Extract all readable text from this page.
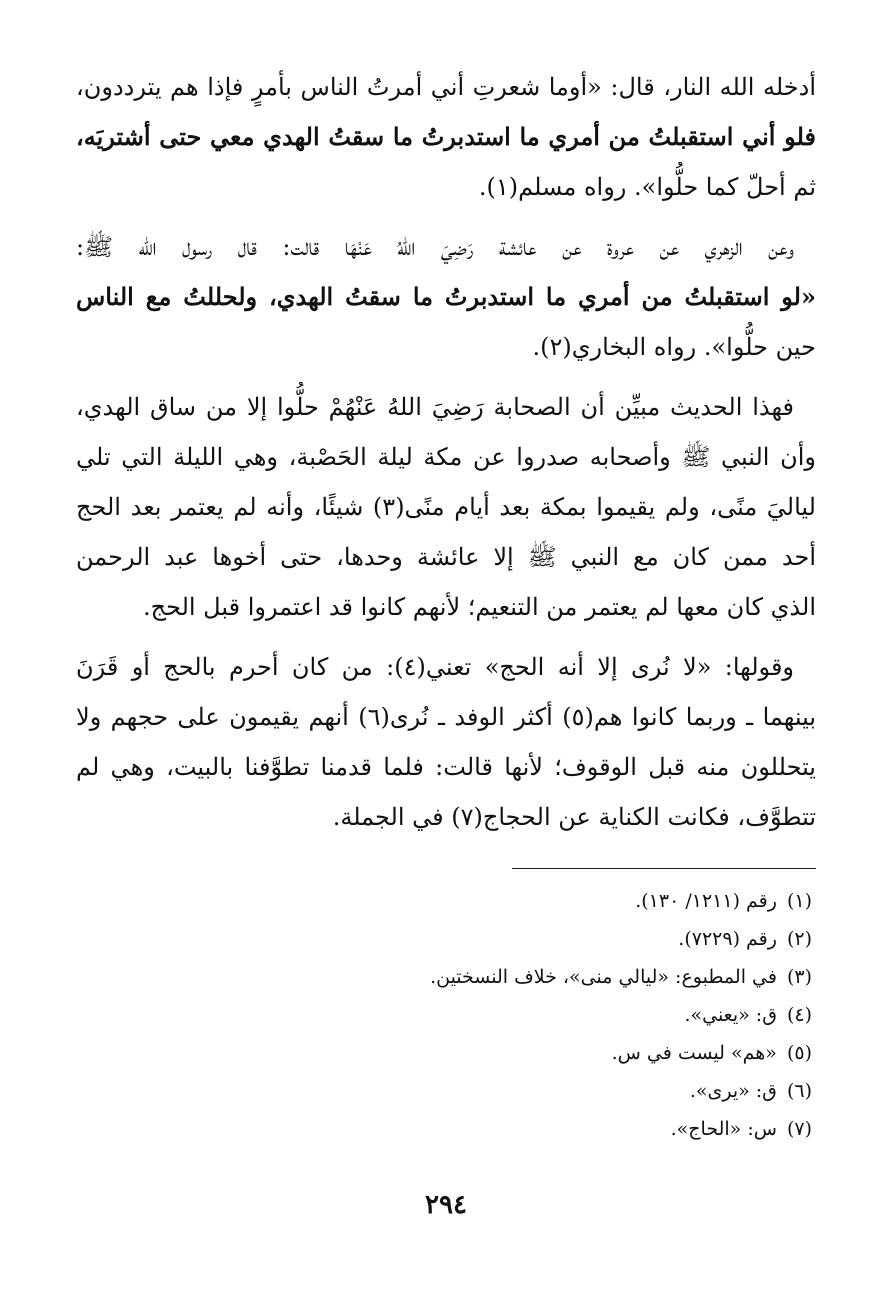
أدخله الله النار، قال: «أوما شعرتِ أني أمرتُ الناس بأمرٍ فإذا هم يترددون،
فلو أني استقبلتُ من أمري ما استدبرتُ ما سقتُ الهدي معي حتى أشتريَه،
ثم أحلّ كما حلُّوا». رواه مسلم(١).

وعن الزهري عن عروة عن عائشة رَضِيَ اللهُ عَنْهَا قالت: قال رسول الله ﷺ:
«لو استقبلتُ من أمري ما استدبرتُ ما سقتُ الهدي، ولحللتُ مع الناس
حين حلُّوا». رواه البخاري(٢).

فهذا الحديث مبيِّن أن الصحابة رَضِيَ اللهُ عَنْهُمْ حلُّوا إلا من ساق الهدي،
وأن النبي ﷺ وأصحابه صدروا عن مكة ليلة الحَصْبة، وهي الليلة التي تلي
لياليَ منًى، ولم يقيموا بمكة بعد أيام منًى(٣) شيئًا، وأنه لم يعتمر بعد الحج
أحد ممن كان مع النبي ﷺ إلا عائشة وحدها، حتى أخوها عبد الرحمن
الذي كان معها لم يعتمر من التنعيم؛ لأنهم كانوا قد اعتمروا قبل الحج.

وقولها: «لا نُرى إلا أنه الحج» تعني(٤): من كان أحرم بالحج أو قَرَنَ
بينهما ـ وربما كانوا هم(٥) أكثر الوفد ـ نُرى(٦) أنهم يقيمون على حجهم ولا
يتحللون منه قبل الوقوف؛ لأنها قالت: فلما قدمنا تطوَّفنا بالبيت، وهي لم
تتطوَّف، فكانت الكناية عن الحجاج(٧) في الجملة.

(١)رقم (١٢١١/ ١٣٠).
(٢)رقم (٧٢٢٩).
(٣)في المطبوع: «ليالي منى»، خلاف النسختين.
(٤)ق: «يعني».
(٥)«هم» ليست في س.
(٦)ق: «يرى».
(٧)س: «الحاج».
٢٩٤
